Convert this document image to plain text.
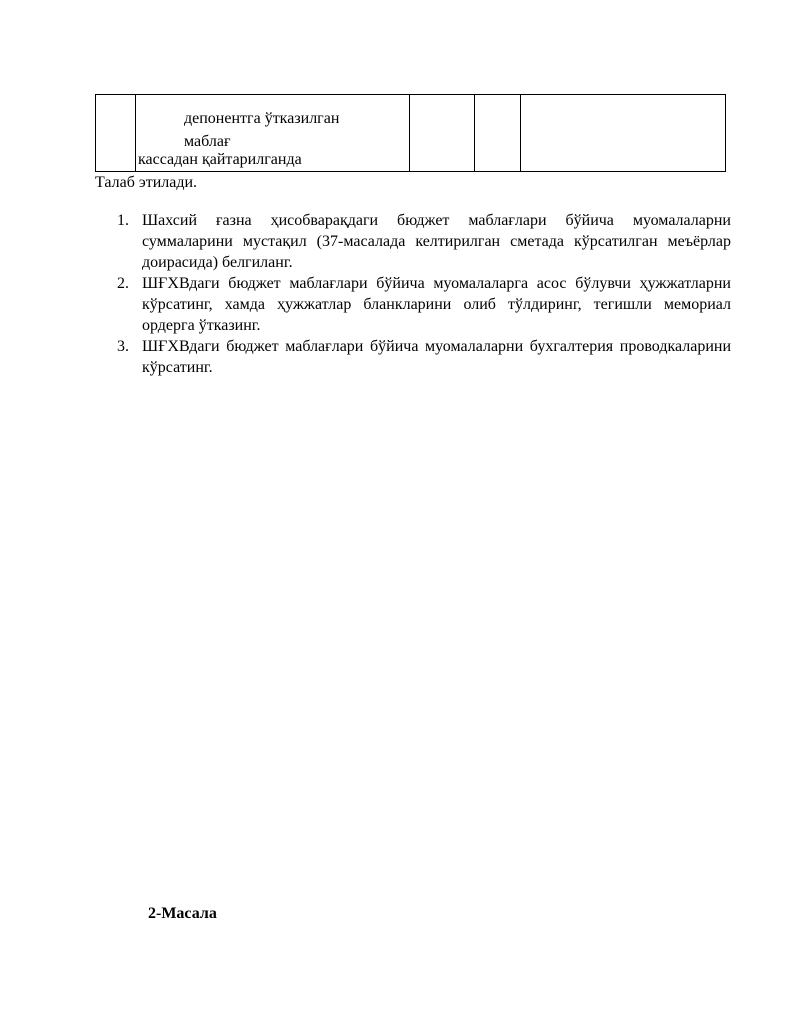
депонентга ўтказилган
маблағ
кассадан қайтарилганда

Талаб этилади.
1. Шахсий ғазна ҳисобварақдаги бюджет маблағлари бўйича муомалаларни суммаларини мустақил (37-масалада келтирилган сметада кўрсатилган меъёрлар доирасида) белгиланг.
2. ШҒХВдаги бюджет маблағлари бўйича муомалаларга асос бўлувчи ҳужжатларни кўрсатинг, хамда ҳужжатлар бланкларини олиб тўлдиринг, тегишли мемориал ордерга ўтказинг.
3. ШҒХВдаги бюджет маблағлари бўйича муомалаларни бухгалтерия проводкаларини кўрсатинг.
2-Масала
